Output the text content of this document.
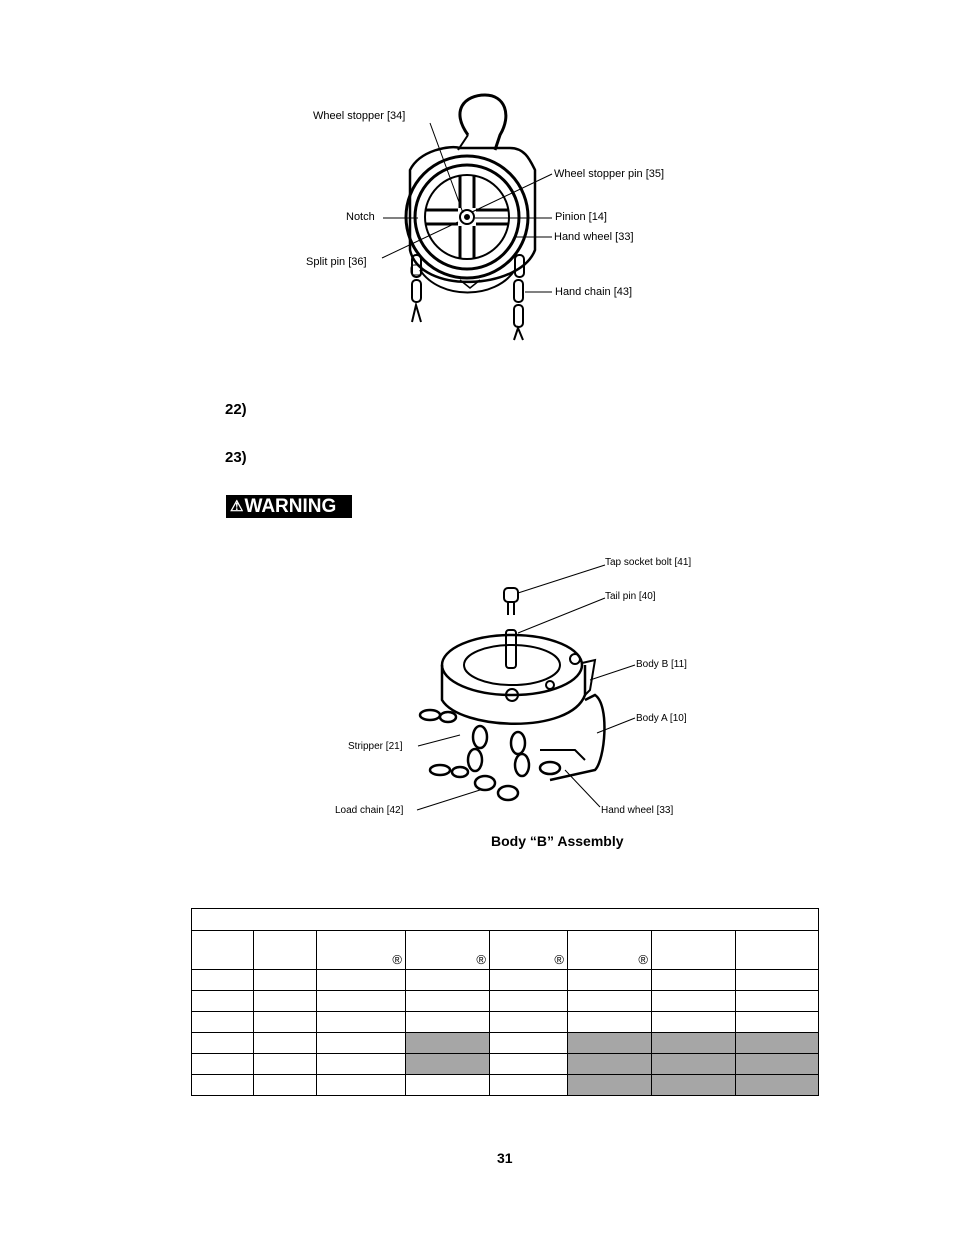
Wheel stopper [34]
Wheel stopper pin [35]
Notch	Pinion [14]
Hand wheel [33]
Split pin [36]
Hand chain [43]
22)
23)
⚠WARNING
Tap socket bolt [41]
Tail pin [40]
Body B [11]
Body A [10]
Stripper [21]
Load chain [42]	Hand wheel [33]
Body “B” Assembly

		®	®	®	®		

31
